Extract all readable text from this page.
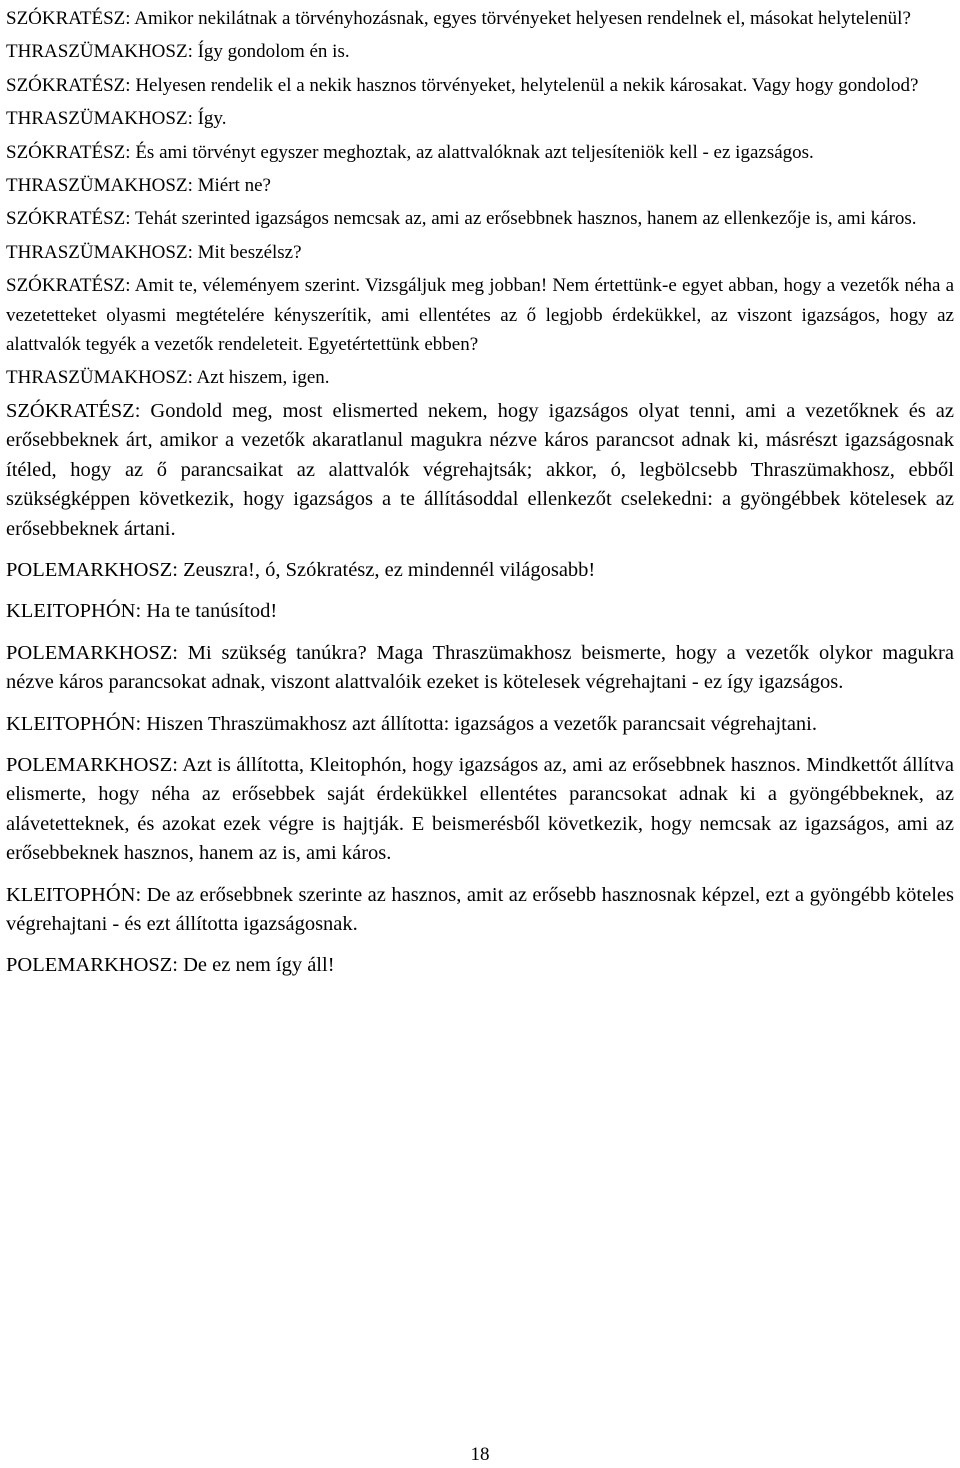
SZÓKRATÉSZ: Amikor nekilátnak a törvényhozásnak, egyes törvényeket helyesen rendelnek el, másokat helytelenül?

THRASZÜMAKHOSZ: Így gondolom én is.

SZÓKRATÉSZ: Helyesen rendelik el a nekik hasznos törvényeket, helytelenül a nekik károsakat. Vagy hogy gondolod?

THRASZÜMAKHOSZ: Így.

SZÓKRATÉSZ: És ami törvényt egyszer meghoztak, az alattvalóknak azt teljesíteniök kell - ez igazságos.

THRASZÜMAKHOSZ: Miért ne?

SZÓKRATÉSZ: Tehát szerinted igazságos nemcsak az, ami az erősebbnek hasznos, hanem az ellenkezője is, ami káros.

THRASZÜMAKHOSZ: Mit beszélsz?

SZÓKRATÉSZ: Amit te, véleményem szerint. Vizsgáljuk meg jobban! Nem értettünk-e egyet abban, hogy a vezetők néha a vezetetteket olyasmi megtételére kényszerítik, ami ellentétes az ő legjobb érdekükkel, az viszont igazságos, hogy az alattvalók tegyék a vezetők rendeleteit. Egyetértettünk ebben?

THRASZÜMAKHOSZ: Azt hiszem, igen.

SZÓKRATÉSZ: Gondold meg, most elismerted nekem, hogy igazságos olyat tenni, ami a vezetőknek és az erősebbeknek árt, amikor a vezetők akaratlanul magukra nézve káros parancsot adnak ki, másrészt igazságosnak ítéled, hogy az ő parancsaikat az alattvalók végrehajtsák; akkor, ó, legbölcsebb Thraszümakhosz, ebből szükségképpen következik, hogy igazságos a te állításoddal ellenkezőt cselekedni: a gyöngébbek kötelesek az erősebbeknek ártani.

POLEMARKHOSZ: Zeuszra!, ó, Szókratész, ez mindennél világosabb!

KLEITOPHÓN: Ha te tanúsítod!

POLEMARKHOSZ: Mi szükség tanúkra? Maga Thraszümakhosz beismerte, hogy a vezetők olykor magukra nézve káros parancsokat adnak, viszont alattvalóik ezeket is kötelesek végrehajtani - ez így igazságos.

KLEITOPHÓN: Hiszen Thraszümakhosz azt állította: igazságos a vezetők parancsait végrehajtani.

POLEMARKHOSZ: Azt is állította, Kleitophón, hogy igazságos az, ami az erősebbnek hasznos. Mindkettőt állítva elismerte, hogy néha az erősebbek saját érdekükkel ellentétes parancsokat adnak ki a gyöngébbeknek, az alávetetteknek, és azokat ezek végre is hajtják. E beismerésből következik, hogy nemcsak az igazságos, ami az erősebbeknek hasznos, hanem az is, ami káros.

KLEITOPHÓN: De az erősebbnek szerinte az hasznos, amit az erősebb hasznosnak képzel, ezt a gyöngébb köteles végrehajtani - és ezt állította igazságosnak.

POLEMARKHOSZ: De ez nem így áll!

18
